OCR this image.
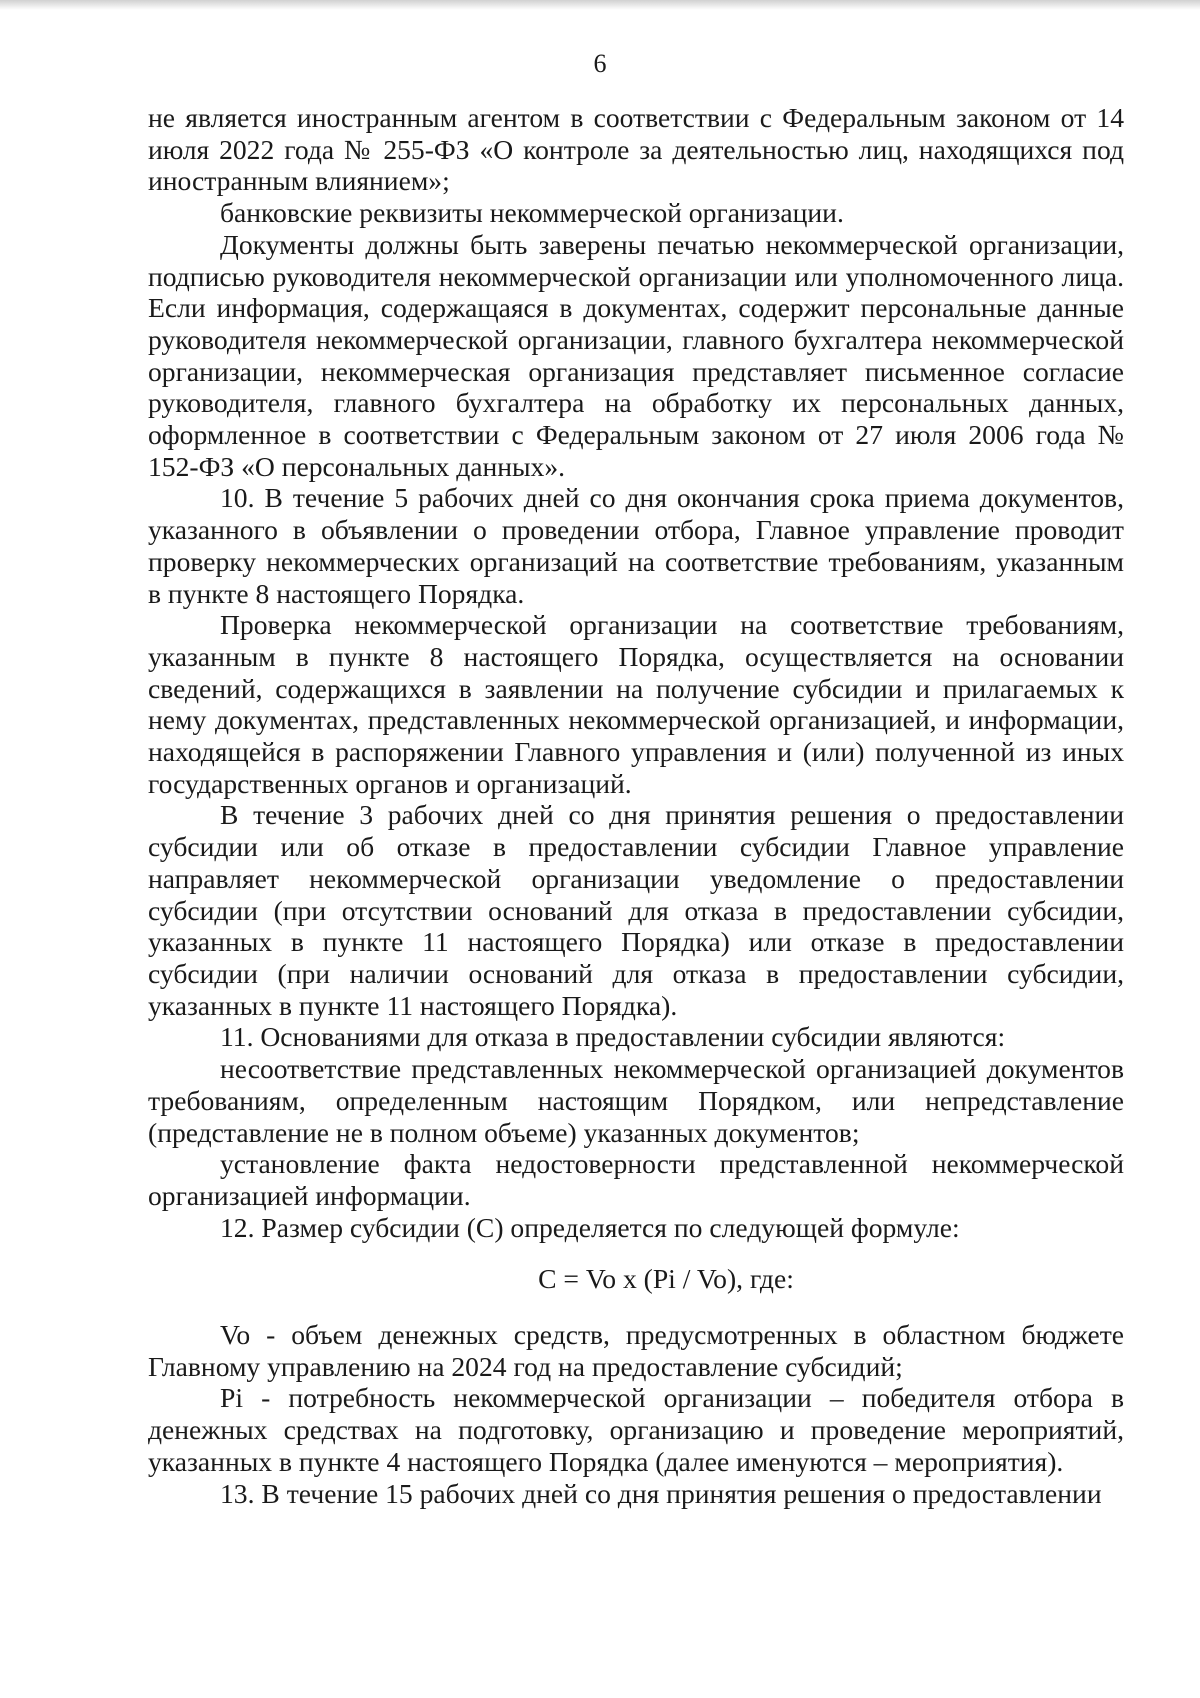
6

не является иностранным агентом в соответствии с Федеральным законом от 14 июля 2022 года № 255-ФЗ «О контроле за деятельностью лиц, находящихся под иностранным влиянием»;

банковские реквизиты некоммерческой организации.

Документы должны быть заверены печатью некоммерческой организации, подписью руководителя некоммерческой организации или уполномоченного лица. Если информация, содержащаяся в документах, содержит персональные данные руководителя некоммерческой организации, главного бухгалтера некоммерческой организации, некоммерческая организация представляет письменное согласие руководителя, главного бухгалтера на обработку их персональных данных, оформленное в соответствии с Федеральным законом от 27 июля 2006 года № 152-ФЗ «О персональных данных».

10. В течение 5 рабочих дней со дня окончания срока приема документов, указанного в объявлении о проведении отбора, Главное управление проводит проверку некоммерческих организаций на соответствие требованиям, указанным в пункте 8 настоящего Порядка.

Проверка некоммерческой организации на соответствие требованиям, указанным в пункте 8 настоящего Порядка, осуществляется на основании сведений, содержащихся в заявлении на получение субсидии и прилагаемых к нему документах, представленных некоммерческой организацией, и информации, находящейся в распоряжении Главного управления и (или) полученной из иных государственных органов и организаций.

В течение 3 рабочих дней со дня принятия решения о предоставлении субсидии или об отказе в предоставлении субсидии Главное управление направляет некоммерческой организации уведомление о предоставлении субсидии (при отсутствии оснований для отказа в предоставлении субсидии, указанных в пункте 11 настоящего Порядка) или отказе в предоставлении субсидии (при наличии оснований для отказа в предоставлении субсидии, указанных в пункте 11 настоящего Порядка).

11. Основаниями для отказа в предоставлении субсидии являются:

несоответствие представленных некоммерческой организацией документов требованиям, определенным настоящим Порядком, или непредставление (представление не в полном объеме) указанных документов;

установление факта недостоверности представленной некоммерческой организацией информации.

12. Размер субсидии (С) определяется по следующей формуле:

С = Vo x (Pi / Vo), где:

Vo - объем денежных средств, предусмотренных в областном бюджете Главному управлению на 2024 год на предоставление субсидий;

Pi - потребность некоммерческой организации – победителя отбора в денежных средствах на подготовку, организацию и проведение мероприятий, указанных в пункте 4 настоящего Порядка (далее именуются – мероприятия).

13. В течение 15 рабочих дней со дня принятия решения о предоставлении
